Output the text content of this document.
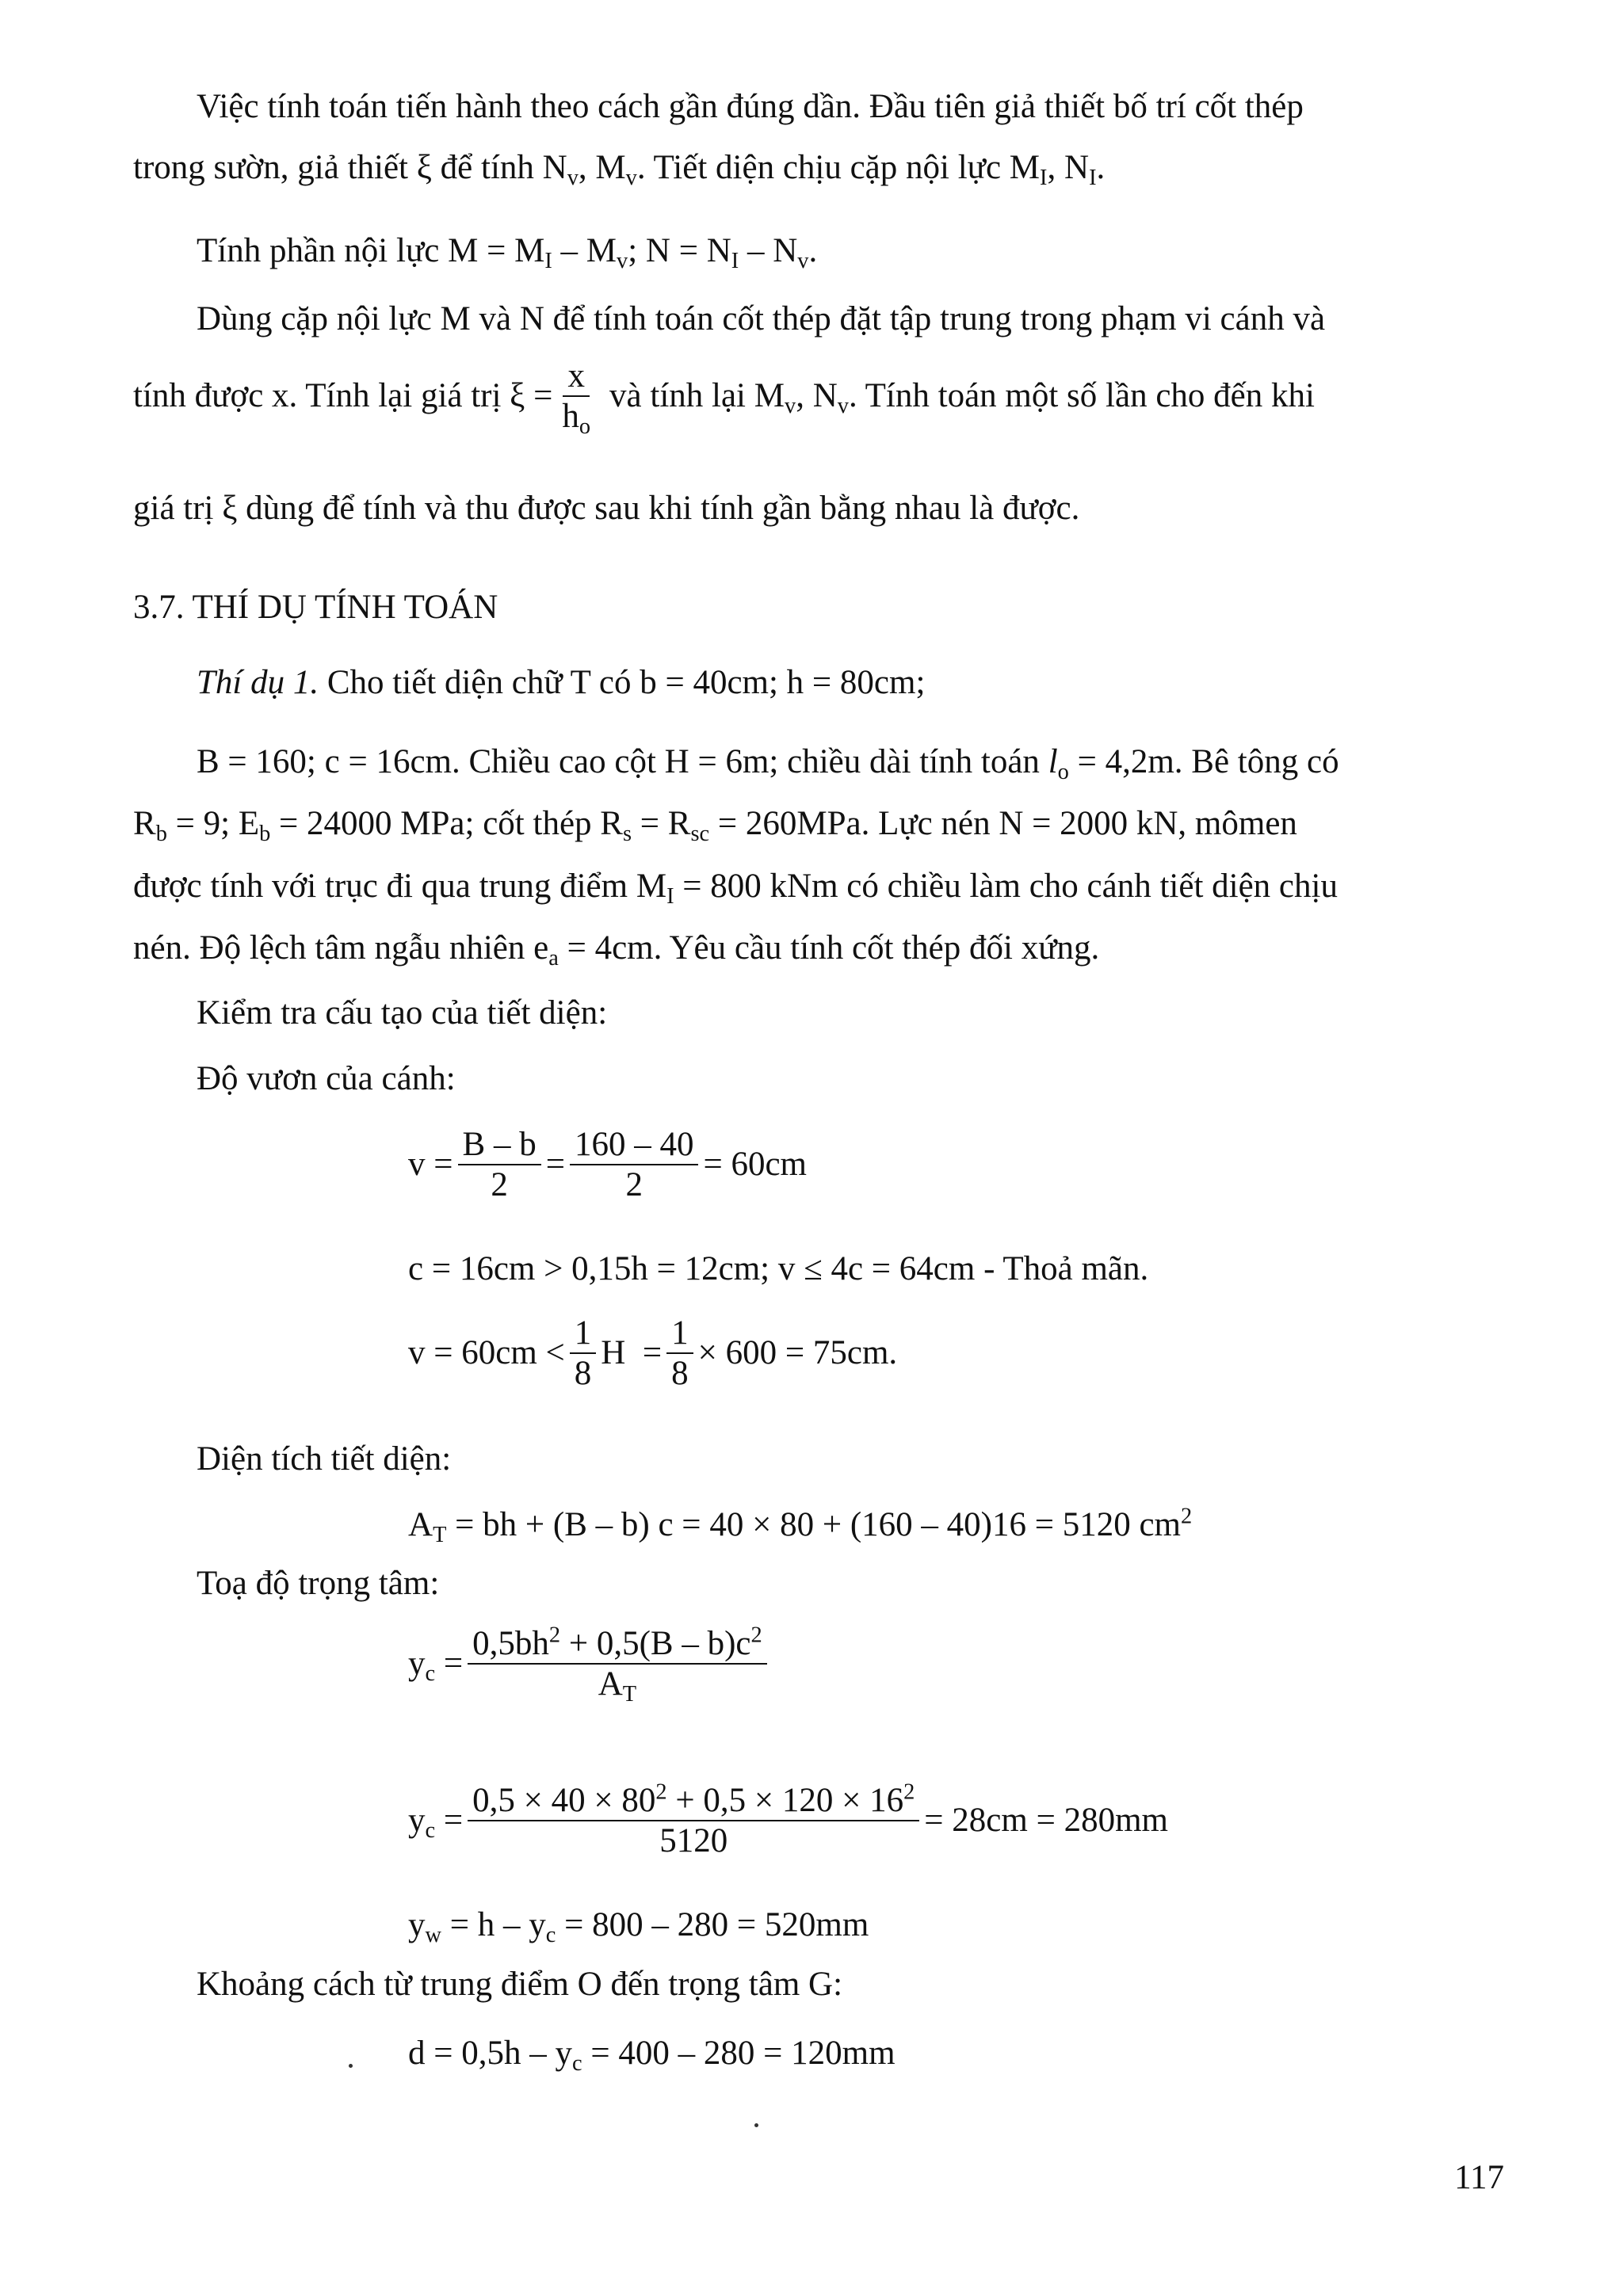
Việc tính toán tiến hành theo cách gần đúng dần. Đầu tiên giả thiết bố trí cốt thép
trong sườn, giả thiết ξ để tính $N_v$, $M_v$. Tiết diện chịu cặp nội lực $M_I$, $N_I$.
Tính phần nội lực $M = M_I - M_v$; $N = N_I - N_v$.
Dùng cặp nội lực M và N để tính toán cốt thép đặt tập trung trong phạm vi cánh và
tính được x. Tính lại giá trị $\xi = \frac{x}{h_o}$ và tính lại $M_v$, $N_v$. Tính toán một số lần cho đến khi
giá trị ξ dùng để tính và thu được sau khi tính gần bằng nhau là được.
3.7. THÍ DỤ TÍNH TOÁN
Thí dụ 1. Cho tiết diện chữ T có b = 40cm; h = 80cm;
B = 160; c = 16cm. Chiều cao cột H = 6m; chiều dài tính toán $l_o = 4,2m$. Bê tông có
$R_b = 9$; $E_b = 24000$ MPa; cốt thép $R_s = R_{sc} = 260MPa$. Lực nén N = 2000 kN, mômen
được tính với trục đi qua trung điểm $M_I = 800$ kNm có chiều làm cho cánh tiết diện chịu
nén. Độ lệch tâm ngẫu nhiên $e_a = 4cm$. Yêu cầu tính cốt thép đối xứng.
Kiểm tra cấu tạo của tiết diện:
Độ vươn của cánh:
$v = \frac{B - b}{2} = \frac{160 - 40}{2} = 60cm$
c = 16cm > 0,15h = 12cm; v ≤ 4c = 64cm - Thoả mãn.
$v = 60cm < \frac{1}{8}$ $H = \frac{1}{8} \times 600 = 75cm$.
Diện tích tiết diện:
$A_T$ = bh + (B – b) c = 40 × 80 + (160 – 40)16 = 5120 $cm^2$
Toạ độ trọng tâm:
$y_c = \frac{0,5bh^2 + 0,5(B - b)c^2}{A_T}$
$y_c = \frac{0,5 \times 40 \times 80^2 + 0,5 \times 120 \times 16^2}{5120} = 28cm = 280mm$
$y_w = h - y_c = 800 - 280 = 520mm$
Khoảng cách từ trung điểm O đến trọng tâm G:
$d = 0,5h - y_c = 400 - 280 = 120mm$
117
